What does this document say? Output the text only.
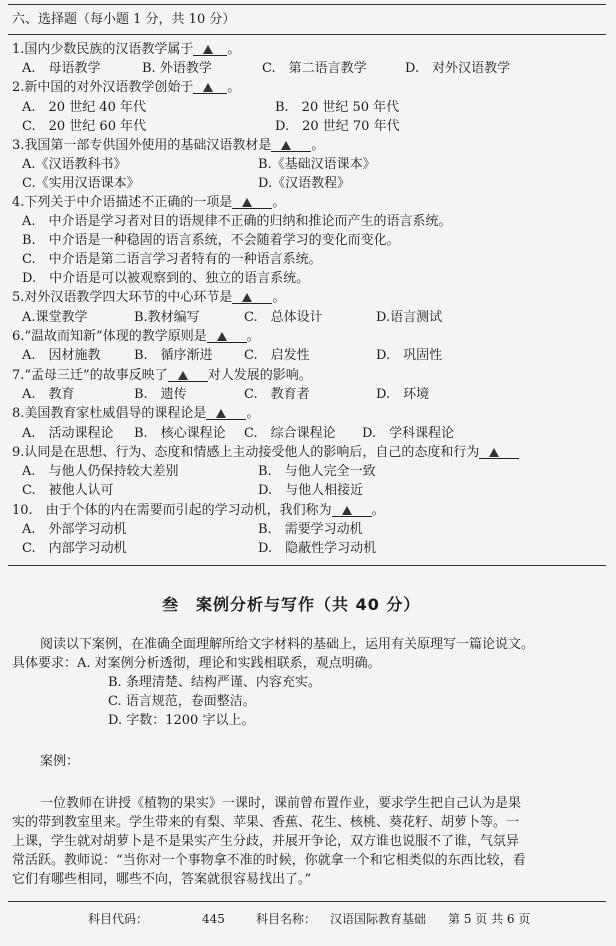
六、选择题（每小题 1 分，共 10 分）
1.国内少数民族的汉语教学属于	。
A.　母语教学	B. 外语教学	C.　第二语言教学	D.　对外汉语教学
2.新中国的对外汉语教学创始于	。
A.　20 世纪 40 年代	B.　20 世纪 50 年代
C.　20 世纪 60 年代	D.　20 世纪 70 年代
3.我国第一部专供国外使用的基础汉语教材是	。
A.《汉语教科书》	B.《基础汉语课本》
C.《实用汉语课本》	D.《汉语教程》
4.下列关于中介语描述不正确的一项是	。
A.　中介语是学习者对目的语规律不正确的归纳和推论而产生的语言系统。
B.　中介语是一种稳固的语言系统，不会随着学习的变化而变化。
C.　中介语是第二语言学习者特有的一种语言系统。
D.　中介语是可以被观察到的、独立的语言系统。
5.对外汉语教学四大环节的中心环节是	。
A.课堂教学	B.教材编写	C.　总体设计	D.语言测试
6.“温故而知新”体现的教学原则是	。
A.　因材施教	B.　循序渐进 C.　启发性	D.　巩固性
7.“孟母三迁”的故事反映了	对人发展的影响。
A.　教育	B.　遗传	C.　教育者	D.　环境
8.美国教育家杜威倡导的课程论是	。
A.　活动课程论 B.　核心课程论 C.　综合课程论 D.　学科课程论
9.认同是在思想、行为、态度和情感上主动接受他人的影响后，自己的态度和行为
A.　与他人仍保持较大差别	B.　与他人完全一致
C.　被他人认可	D.　与他人相接近
10.　由于个体的内在需要而引起的学习动机，我们称为	。
A.　外部学习动机	B.　需要学习动机
C.　内部学习动机	D.　隐蔽性学习动机
叁　案例分析与写作（共 40 分）
阅读以下案例，在准确全面理解所给文字材料的基础上，运用有关原理写一篇论说文。
具体要求：A. 对案例分析透彻，理论和实践相联系，观点明确。
B. 条理清楚、结构严谨、内容充实。
C. 语言规范，卷面整洁。
D. 字数：1200 字以上。
案例：
一位教师在讲授《植物的果实》一课时，课前曾布置作业，要求学生把自己认为是果
实的带到教室里来。学生带来的有梨、苹果、香蕉、花生、核桃、葵花籽、胡萝卜等。一
上课，学生就对胡萝卜是不是果实产生分歧，并展开争论，双方谁也说服不了谁，气氛异
常活跃。教师说：“当你对一个事物拿不准的时候，你就拿一个和它相类似的东西比较，看
它们有哪些相同，哪些不向，答案就很容易找出了。”
科目代码：	445	科目名称： 汉语国际教育基础 第 5 页 共 6 页
